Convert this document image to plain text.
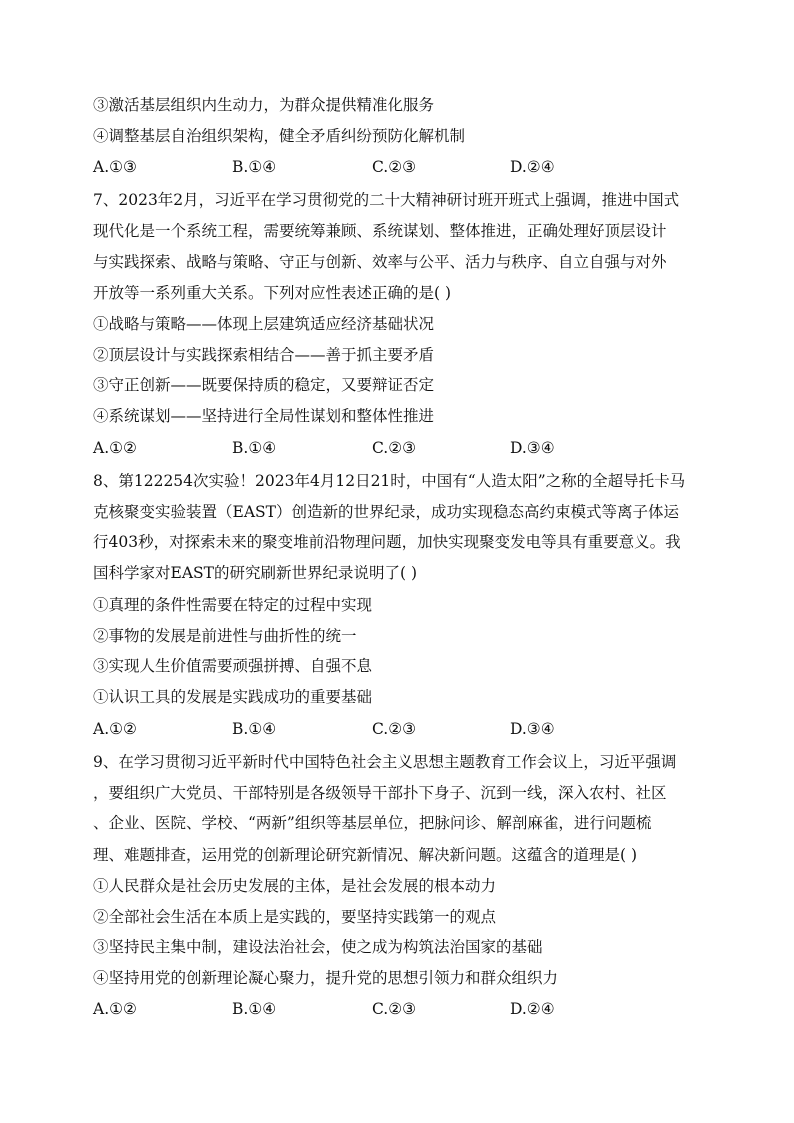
③激活基层组织内生动力，为群众提供精准化服务
④调整基层自治组织架构，健全矛盾纠纷预防化解机制
A.①③	B.①④	C.②③	D.②④
7、2023年2月，习近平在学习贯彻党的二十大精神研讨班开班式上强调，推进中国式
现代化是一个系统工程，需要统筹兼顾、系统谋划、整体推进，正确处理好顶层设计
与实践探索、战略与策略、守正与创新、效率与公平、活力与秩序、自立自强与对外
开放等一系列重大关系。下列对应性表述正确的是( )
①战略与策略——体现上层建筑适应经济基础状况
②顶层设计与实践探索相结合——善于抓主要矛盾
③守正创新——既要保持质的稳定，又要辩证否定
④系统谋划——坚持进行全局性谋划和整体性推进
A.①②	B.①④	C.②③	D.③④
8、第122254次实验！2023年4月12日21时，中国有“人造太阳”之称的全超导托卡马
克核聚变实验装置（EAST）创造新的世界纪录，成功实现稳态高约束模式等离子体运
行403秒，对探索未来的聚变堆前沿物理问题，加快实现聚变发电等具有重要意义。我
国科学家对EAST的研究刷新世界纪录说明了( )
①真理的条件性需要在特定的过程中实现
②事物的发展是前进性与曲折性的统一
③实现人生价值需要顽强拼搏、自强不息
①认识工具的发展是实践成功的重要基础
A.①②	B.①④	C.②③	D.③④
9、在学习贯彻习近平新时代中国特色社会主义思想主题教育工作会议上，习近平强调
，要组织广大党员、干部特别是各级领导干部扑下身子、沉到一线，深入农村、社区
、企业、医院、学校、“两新”组织等基层单位，把脉问诊、解剖麻雀，进行问题梳
理、难题排查，运用党的创新理论研究新情况、解决新问题。这蕴含的道理是( )
①人民群众是社会历史发展的主体，是社会发展的根本动力
②全部社会生活在本质上是实践的，要坚持实践第一的观点
③坚持民主集中制，建设法治社会，使之成为构筑法治国家的基础
④坚持用党的创新理论凝心聚力，提升党的思想引领力和群众组织力
A.①②	B.①④	C.②③	D.②④
